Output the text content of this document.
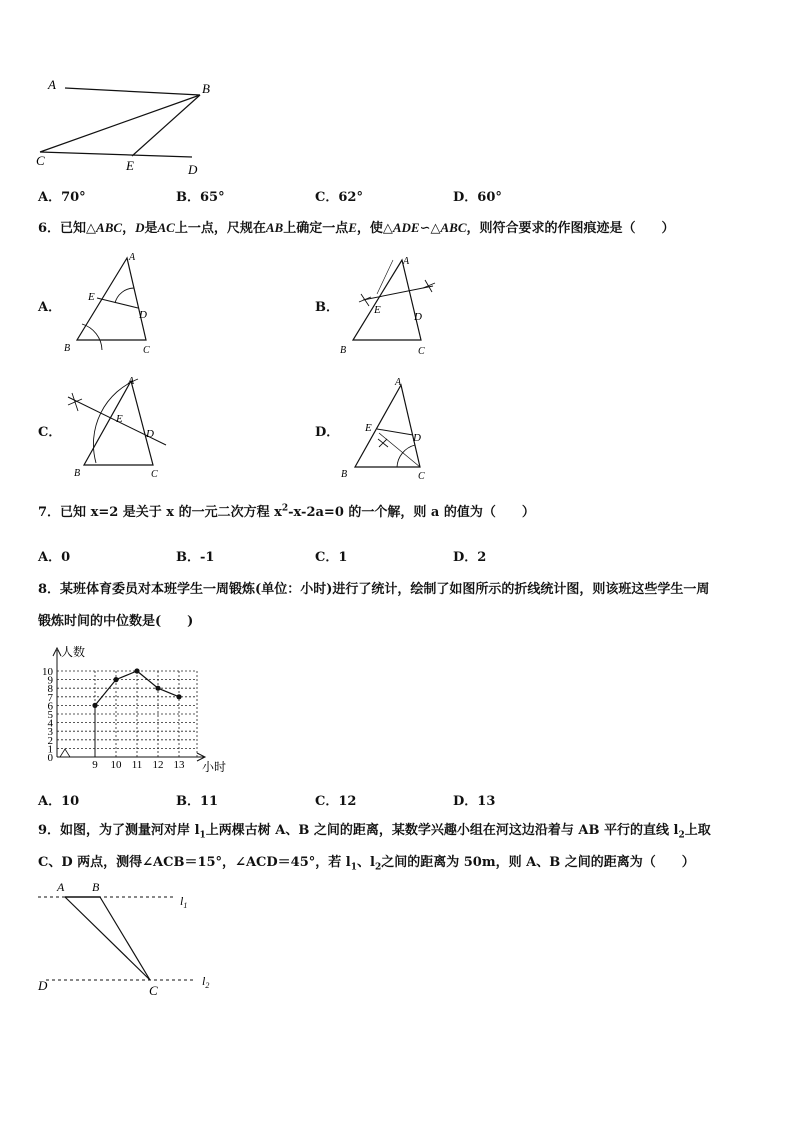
A	B
C	E	D
A．70°	B．65°	C．62°	D．60°
6．已知△ABC，D是AC上一点，尺规在AB上确定一点E，使△ADE∽△ABC，则符合要求的作图痕迹是（　　）
A．	B．
C．	D．
A
E
D
B	C
A
E
D
B	C
A
E
D
B	C
A
E
D
B	C
7．已知 x=2 是关于 x 的一元二次方程 $x^2-x-2a=0$ 的一个解，则 a 的值为（　　）
A．0	B．-1	C．1	D．2
8．某班体育委员对本班学生一周锻炼(单位：小时)进行了统计，绘制了如图所示的折线统计图，则该班这些学生一周
锻炼时间的中位数是(　　)
0
1
2
3
4
5
6
7
8
9
10
9 10 11 12 13
人数
小时
A．10	B．11	C．12	D．13
9．如图，为了测量河对岸 $l_1$上两棵古树 A、B 之间的距离，某数学兴趣小组在河这边沿着与 AB 平行的直线 $l_2$上取
C、D 两点，测得∠ACB＝15°，∠ACD＝45°，若 $l_1$、$l_2$之间的距离为 50m，则 A、B 之间的距离为（　　）
A B
D	C
$l_1$
$l_2$
